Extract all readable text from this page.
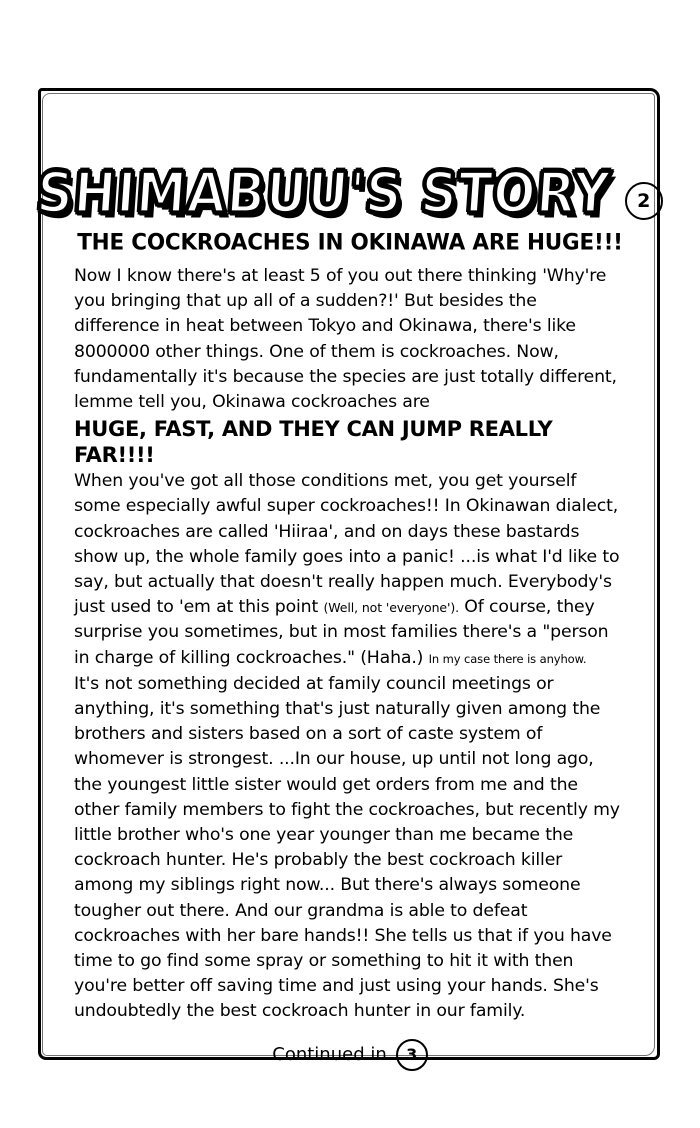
SHIMABUU'S STORY	2
THE COCKROACHES IN OKINAWA ARE HUGE!!!

Now I know there's at least 5 of you out there thinking 'Why're you bringing that up all of a sudden?!' But besides the difference in heat between Tokyo and Okinawa, there's like 8000000 other things. One of them is cockroaches. Now, fundamentally it's because the species are just totally different, lemme tell you, Okinawa cockroaches are

HUGE, FAST, AND THEY CAN JUMP REALLY FAR!!!!

When you've got all those conditions met, you get yourself some especially awful super cockroaches!! In Okinawan dialect, cockroaches are called 'Hiiraa', and on days these bastards show up, the whole family goes into a panic! ...is what I'd like to say, but actually that doesn't really happen much. Everybody's just used to 'em at this point (Well, not 'everyone'). Of course, they surprise you sometimes, but in most families there's a "person in charge of killing cockroaches." (Haha.) In my case there is anyhow.

It's not something decided at family council meetings or anything, it's something that's just naturally given among the brothers and sisters based on a sort of caste system of whomever is strongest. ...In our house, up until not long ago, the youngest little sister would get orders from me and the other family members to fight the cockroaches, but recently my little brother who's one year younger than me became the cockroach hunter. He's probably the best cockroach killer among my siblings right now... But there's always someone tougher out there. And our grandma is able to defeat cockroaches with her bare hands!! She tells us that if you have time to go find some spray or something to hit it with then you're better off saving time and just using your hands. She's undoubtedly the best cockroach hunter in our family.

Continued in	3
